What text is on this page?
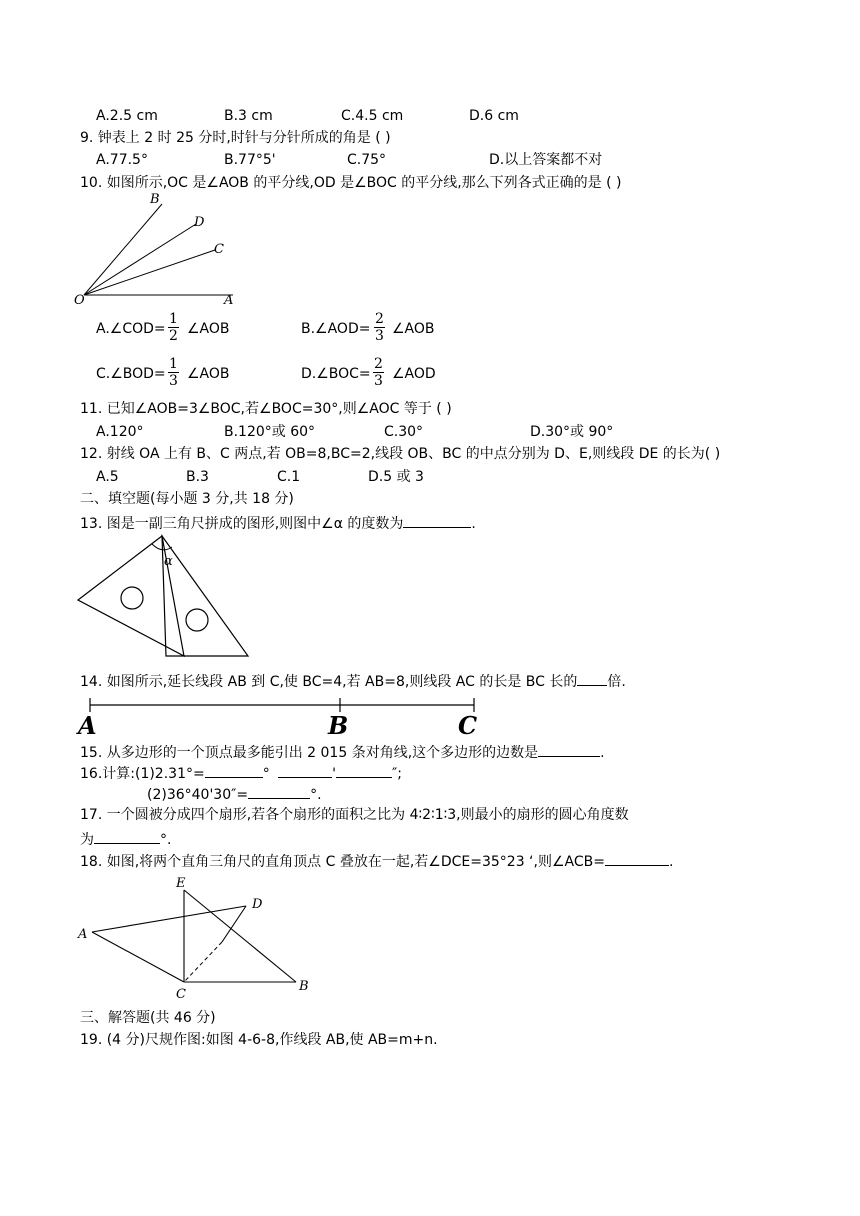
A.2.5 cm	B.3 cm	C.4.5 cm	D.6 cm
9. 钟表上 2 时 25 分时,时针与分针所成的角是 ( )
A.77.5°	B.77°5'	C.75°	D.以上答案都不对
10. 如图所示,OC 是∠AOB 的平分线,OD 是∠BOC 的平分线,那么下列各式正确的是 ( )
O	A
B
D
C
A.∠COD= $\frac{1}{2}$ ∠AOB	B.∠AOD= $\frac{2}{3}$ ∠AOB
C.∠BOD= $\frac{1}{3}$ ∠AOB	D.∠BOC= $\frac{2}{3}$ ∠AOD
11. 已知∠AOB=3∠BOC,若∠BOC=30°,则∠AOC 等于 ( )
A.120°	B.120°或 60°	C.30°	D.30°或 90°
12. 射线 OA 上有 B、C 两点,若 OB=8,BC=2,线段 OB、BC 的中点分别为 D、E,则线段 DE 的长为( )
A.5	B.3	C.1	D.5 或 3
二、填空题(每小题 3 分,共 18 分)
13. 图是一副三角尺拼成的图形,则图中∠α 的度数为	.
α
14. 如图所示,延长线段 AB 到 C,使 BC=4,若 AB=8,则线段 AC 的长是 BC 长的 倍.
A	B	C
15. 从多边形的一个顶点最多能引出 2 015 条对角线,这个多边形的边数是	.
16.计算:(1)2.31°=	°	'	″;
(2)36°40'30″=	°.
17. 一个圆被分成四个扇形,若各个扇形的面积之比为 4∶2∶1∶3,则最小的扇形的圆心角度数
为	°.
18. 如图,将两个直角三角尺的直角顶点 C 叠放在一起,若∠DCE=35°23 ‘,则∠ACB=	.
A
E
D
C
B
三、解答题(共 46 分)
19. (4 分)尺规作图:如图 4-6-8,作线段 AB,使 AB=m+n.
